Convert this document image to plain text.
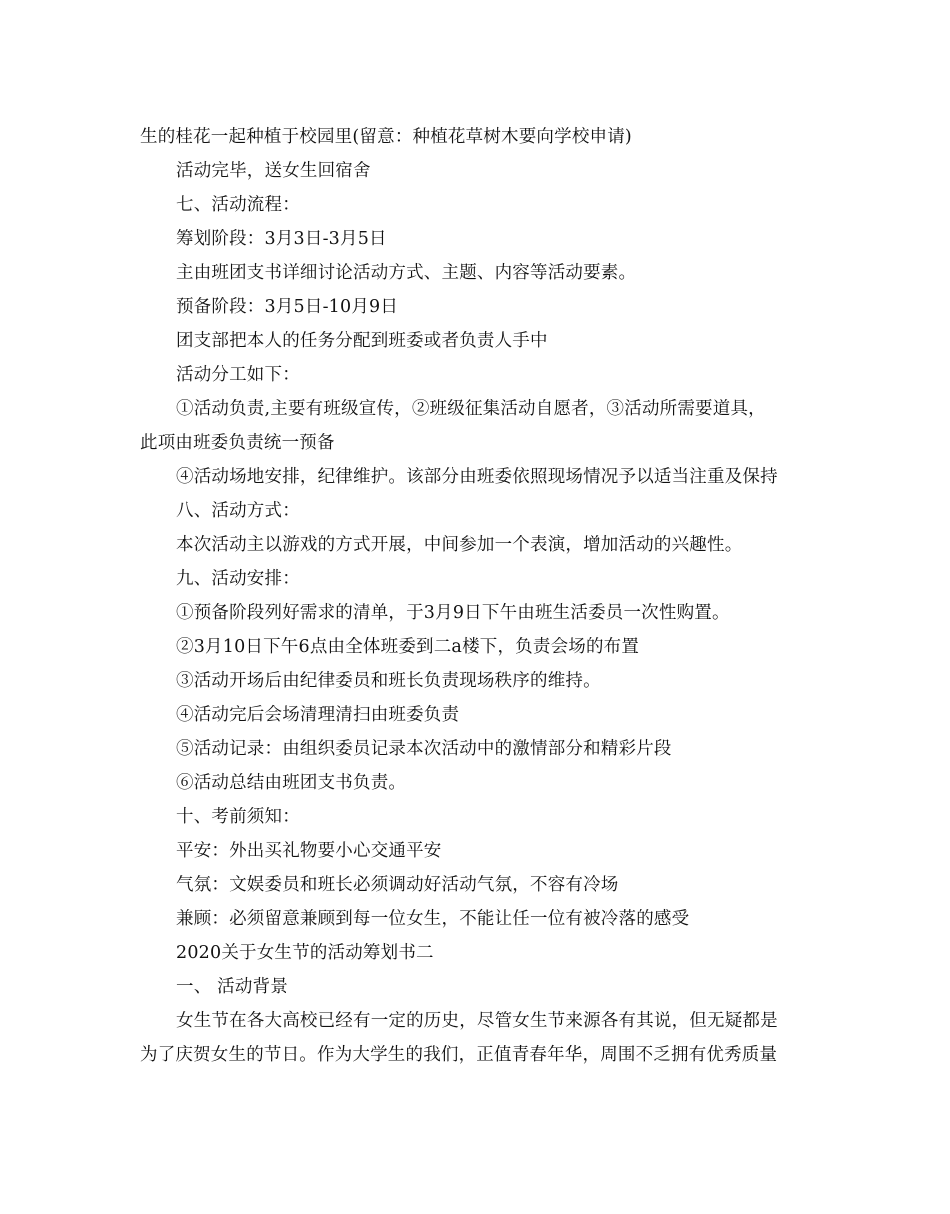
生的桂花一起种植于校园里(留意：种植花草树木要向学校申请)
活动完毕，送女生回宿舍
七、活动流程：
筹划阶段：3月3日-3月5日
主由班团支书详细讨论活动方式、主题、内容等活动要素。
预备阶段：3月5日-10月9日
团支部把本人的任务分配到班委或者负责人手中
活动分工如下：
①活动负责,主要有班级宣传，②班级征集活动自愿者，③活动所需要道具，
此项由班委负责统一预备
④活动场地安排，纪律维护。该部分由班委依照现场情况予以适当注重及保持
八、活动方式：
本次活动主以游戏的方式开展，中间参加一个表演，增加活动的兴趣性。
九、活动安排：
①预备阶段列好需求的清单，于3月9日下午由班生活委员一次性购置。
②3月10日下午6点由全体班委到二a楼下，负责会场的布置
③活动开场后由纪律委员和班长负责现场秩序的维持。
④活动完后会场清理清扫由班委负责
⑤活动记录：由组织委员记录本次活动中的激情部分和精彩片段
⑥活动总结由班团支书负责。
十、考前须知：
平安：外出买礼物要小心交通平安
气氛：文娱委员和班长必须调动好活动气氛，不容有冷场
兼顾：必须留意兼顾到每一位女生，不能让任一位有被冷落的感受
2020关于女生节的活动筹划书二
一、 活动背景
女生节在各大高校已经有一定的历史，尽管女生节来源各有其说，但无疑都是
为了庆贺女生的节日。作为大学生的我们，正值青春年华，周围不乏拥有优秀质量
